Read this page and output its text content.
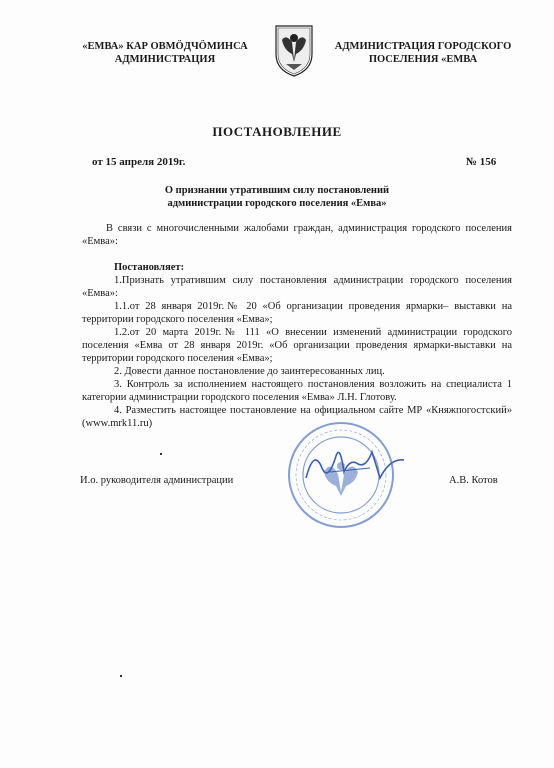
«ЕМВА» КАР ОВМӦДЧӦМИНСА
АДМИНИСТРАЦИЯ
АДМИНИСТРАЦИЯ ГОРОДСКОГО
ПОСЕЛЕНИЯ «ЕМВА
ПОСТАНОВЛЕНИЕ
от 15 апреля 2019г.	№ 156
О признании утратившим силу постановлений
администрации городского поселения «Емва»
В связи с многочисленными жалобами граждан, администрация городского поселения «Емва»:
Постановляет:
1.Признать утратившим силу постановления администрации городского поселения «Емва»:
1.1.от 28 января 2019г.№ 20 «Об организации проведения ярмарки– выставки на территории городского поселения «Емва»;
1.2.от 20 марта 2019г.№ 111 «О внесении изменений администрации городского поселения «Емва от 28 января 2019г. «Об организации проведения ярмарки-выставки на территории городского поселения «Емва»;
2. Довести данное постановление до заинтересованных лиц.
3. Контроль за исполнением настоящего постановления возложить на специалиста 1 категории администрации городского поселения «Емва» Л.Н. Глотову.
4. Разместить настоящее постановление на официальном сайте МР «Княжпогостский» (www.mrk11.ru)
И.о. руководителя администрации	А.В. Котов
